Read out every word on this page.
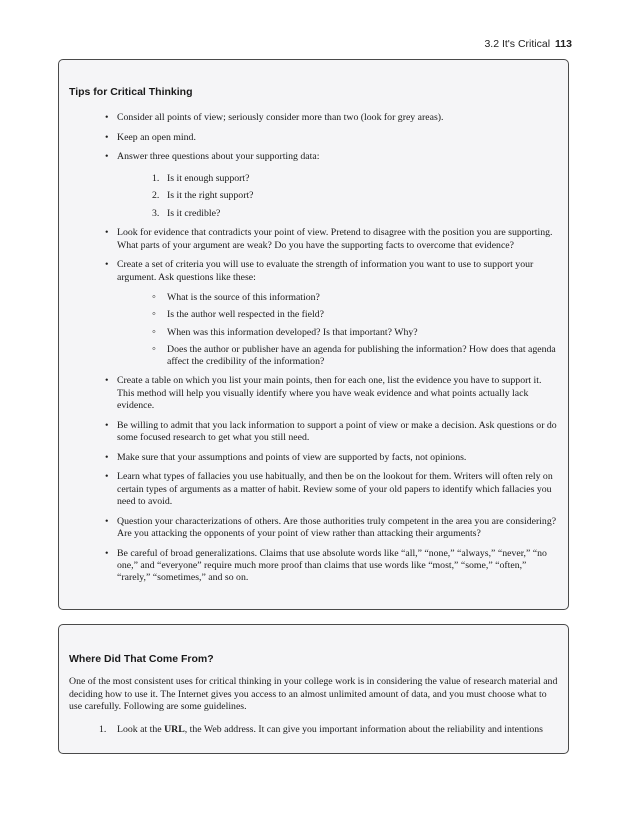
3.2 It's Critical 113
Tips for Critical Thinking
• Consider all points of view; seriously consider more than two (look for grey areas).
• Keep an open mind.
• Answer three questions about your supporting data:
1. Is it enough support?
2. Is it the right support?
3. Is it credible?
• Look for evidence that contradicts your point of view. Pretend to disagree with the position you are supporting. What parts of your argument are weak? Do you have the supporting facts to overcome that evidence?
• Create a set of criteria you will use to evaluate the strength of information you want to use to support your argument. Ask questions like these:
◦ What is the source of this information?
◦ Is the author well respected in the field?
◦ When was this information developed? Is that important? Why?
◦ Does the author or publisher have an agenda for publishing the information? How does that agenda affect the credibility of the information?
• Create a table on which you list your main points, then for each one, list the evidence you have to support it. This method will help you visually identify where you have weak evidence and what points actually lack evidence.
• Be willing to admit that you lack information to support a point of view or make a decision. Ask questions or do some focused research to get what you still need.
• Make sure that your assumptions and points of view are supported by facts, not opinions.
• Learn what types of fallacies you use habitually, and then be on the lookout for them. Writers will often rely on certain types of arguments as a matter of habit. Review some of your old papers to identify which fallacies you need to avoid.
• Question your characterizations of others. Are those authorities truly competent in the area you are considering? Are you attacking the opponents of your point of view rather than attacking their arguments?
• Be careful of broad generalizations. Claims that use absolute words like “all,” “none,” “always,” “never,” “no one,” and “everyone” require much more proof than claims that use words like “most,” “some,” “often,” “rarely,” “sometimes,” and so on.
Where Did That Come From?
One of the most consistent uses for critical thinking in your college work is in considering the value of research material and deciding how to use it. The Internet gives you access to an almost unlimited amount of data, and you must choose what to use carefully. Following are some guidelines.
1. Look at the URL, the Web address. It can give you important information about the reliability and intentions
